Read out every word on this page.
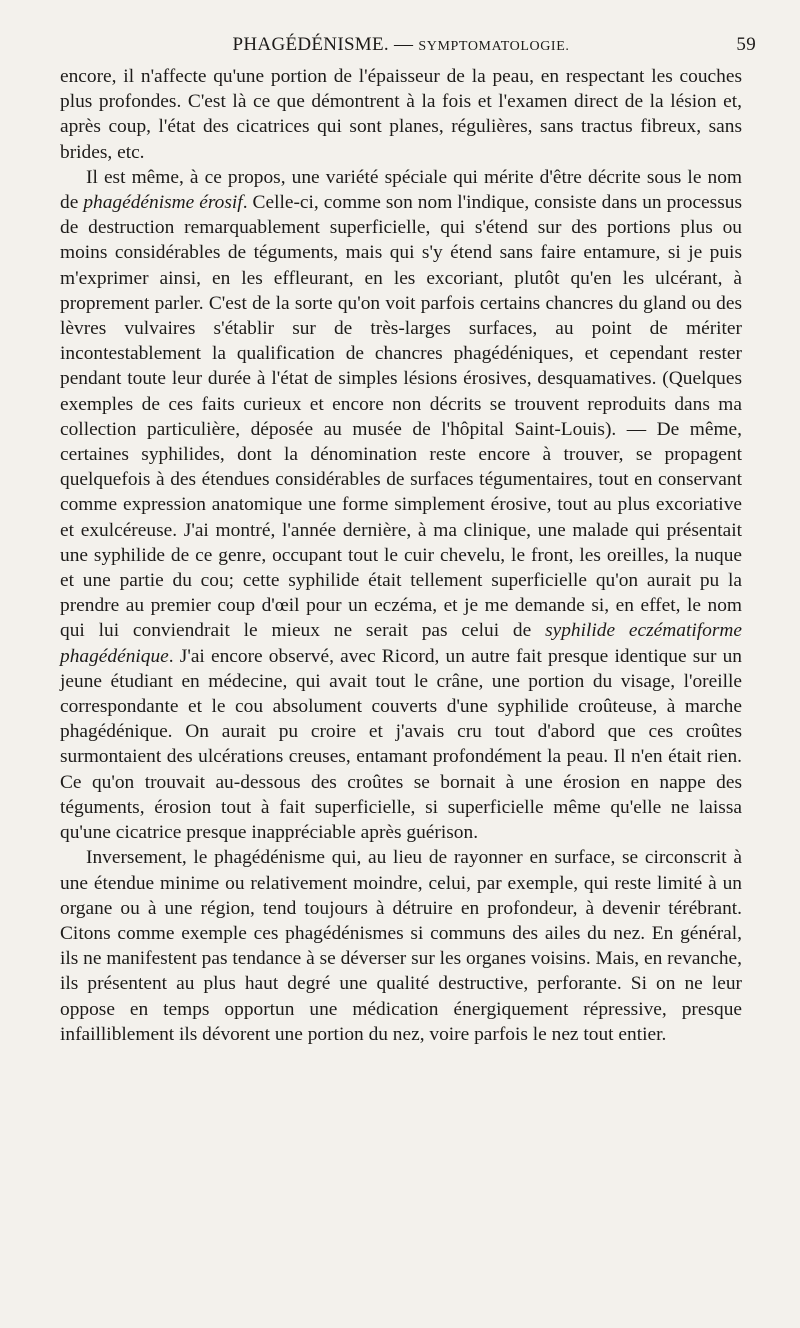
PHAGÉDÉNISME. — SYMPTOMATOLOGIE.	59

encore, il n'affecte qu'une portion de l'épaisseur de la peau, en respectant les couches plus profondes. C'est là ce que démontrent à la fois et l'examen direct de la lésion et, après coup, l'état des cicatrices qui sont planes, régulières, sans tractus fibreux, sans brides, etc.

Il est même, à ce propos, une variété spéciale qui mérite d'être décrite sous le nom de phagédénisme érosif. Celle-ci, comme son nom l'indique, consiste dans un processus de destruction remarquablement superficielle, qui s'étend sur des portions plus ou moins considérables de téguments, mais qui s'y étend sans faire entamure, si je puis m'exprimer ainsi, en les effleurant, en les excoriant, plutôt qu'en les ulcérant, à proprement parler. C'est de la sorte qu'on voit parfois certains chancres du gland ou des lèvres vulvaires s'établir sur de très-larges surfaces, au point de mériter incontestablement la qualification de chancres phagédéniques, et cependant rester pendant toute leur durée à l'état de simples lésions érosives, desquamatives. (Quelques exemples de ces faits curieux et encore non décrits se trouvent reproduits dans ma collection particulière, déposée au musée de l'hôpital Saint-Louis). — De même, certaines syphilides, dont la dénomination reste encore à trouver, se propagent quelquefois à des étendues considérables de surfaces tégumentaires, tout en conservant comme expression anatomique une forme simplement érosive, tout au plus excoriative et exulcéreuse. J'ai montré, l'année dernière, à ma clinique, une malade qui présentait une syphilide de ce genre, occupant tout le cuir chevelu, le front, les oreilles, la nuque et une partie du cou; cette syphilide était tellement superficielle qu'on aurait pu la prendre au premier coup d'œil pour un eczéma, et je me demande si, en effet, le nom qui lui conviendrait le mieux ne serait pas celui de syphilide eczématiforme phagédénique. J'ai encore observé, avec Ricord, un autre fait presque identique sur un jeune étudiant en médecine, qui avait tout le crâne, une portion du visage, l'oreille correspondante et le cou absolument couverts d'une syphilide croûteuse, à marche phagédénique. On aurait pu croire et j'avais cru tout d'abord que ces croûtes surmontaient des ulcérations creuses, entamant profondément la peau. Il n'en était rien. Ce qu'on trouvait au-dessous des croûtes se bornait à une érosion en nappe des téguments, érosion tout à fait superficielle, si superficielle même qu'elle ne laissa qu'une cicatrice presque inappréciable après guérison.

Inversement, le phagédénisme qui, au lieu de rayonner en surface, se circonscrit à une étendue minime ou relativement moindre, celui, par exemple, qui reste limité à un organe ou à une région, tend toujours à détruire en profondeur, à devenir térébrant. Citons comme exemple ces phagédénismes si communs des ailes du nez. En général, ils ne manifestent pas tendance à se déverser sur les organes voisins. Mais, en revanche, ils présentent au plus haut degré une qualité destructive, perforante. Si on ne leur oppose en temps opportun une médication énergiquement répressive, presque infailliblement ils dévorent une portion du nez, voire parfois le nez tout entier.
